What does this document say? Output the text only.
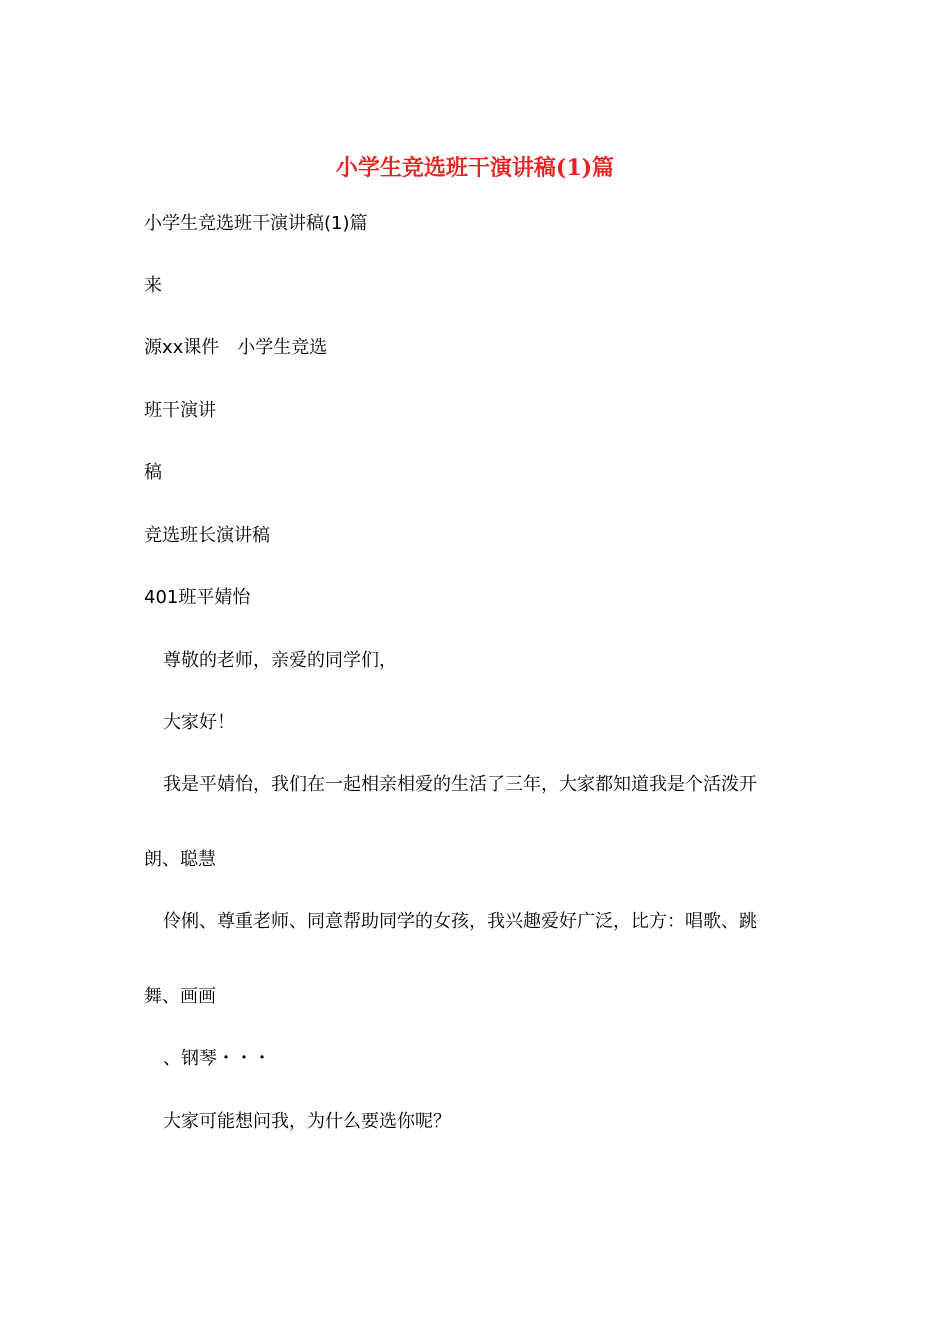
小学生竞选班干演讲稿(1)篇
小学生竞选班干演讲稿(1)篇
来
源xx课件　小学生竞选
班干演讲
稿
竞选班长演讲稿
401班平婧怡
尊敬的老师，亲爱的同学们，
大家好！
我是平婧怡，我们在一起相亲相爱的生活了三年，大家都知道我是个活泼开
朗、聪慧
伶俐、尊重老师、同意帮助同学的女孩，我兴趣爱好广泛，比方：唱歌、跳
舞、画画
、钢琴・・・
大家可能想问我，为什么要选你呢？
